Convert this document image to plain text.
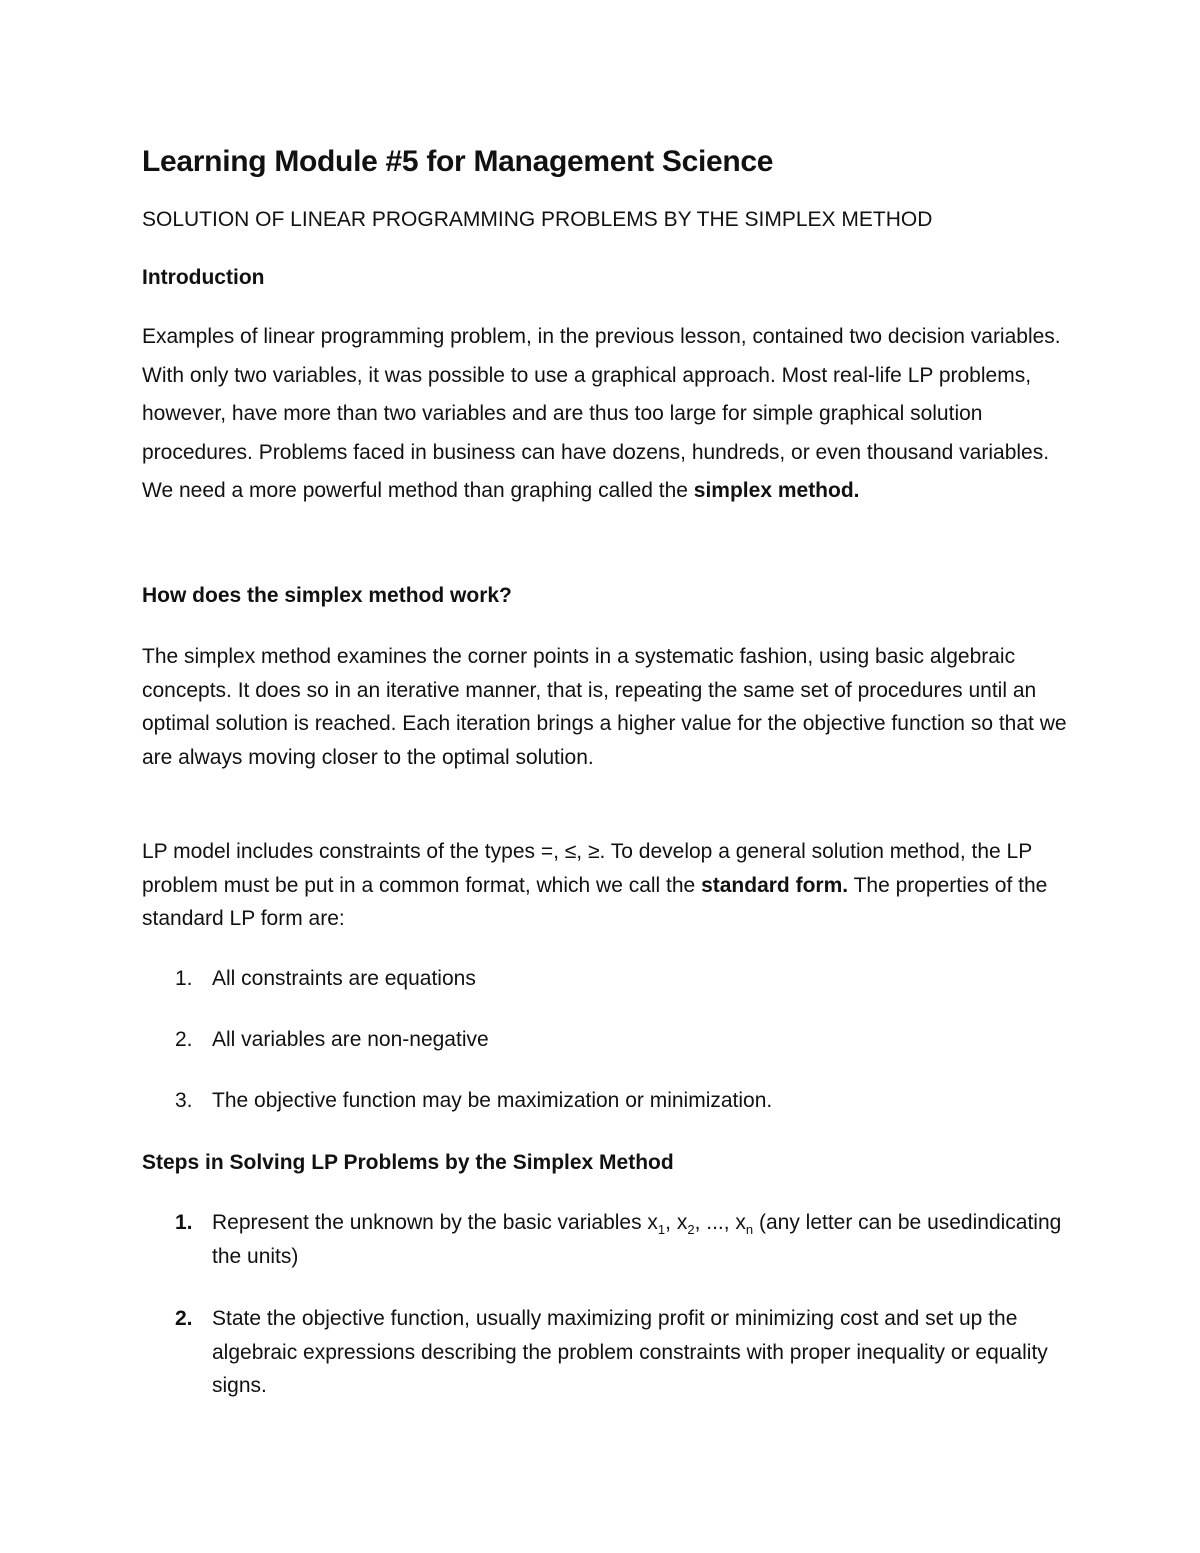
Learning Module #5 for Management Science

SOLUTION OF LINEAR PROGRAMMING PROBLEMS BY THE SIMPLEX METHOD

Introduction

Examples of linear programming problem, in the previous lesson, contained two decision variables. With only two variables, it was possible to use a graphical approach. Most real-life LP problems, however, have more than two variables and are thus too large for simple graphical solution procedures. Problems faced in business can have dozens, hundreds, or even thousand variables. We need a more powerful method than graphing called the simplex method.

How does the simplex method work?

The simplex method examines the corner points in a systematic fashion, using basic algebraic concepts. It does so in an iterative manner, that is, repeating the same set of procedures until an optimal solution is reached. Each iteration brings a higher value for the objective function so that we are always moving closer to the optimal solution.

LP model includes constraints of the types =, ≤, ≥. To develop a general solution method, the LP problem must be put in a common format, which we call the standard form. The properties of the standard LP form are:

1. All constraints are equations
2. All variables are non-negative
3. The objective function may be maximization or minimization.

Steps in Solving LP Problems by the Simplex Method

1. Represent the unknown by the basic variables $x_1$, $x_2$, ..., $x_n$ (any letter can be usedindicating the units)
2. State the objective function, usually maximizing profit or minimizing cost and set up the algebraic expressions describing the problem constraints with proper inequality or equality signs.
